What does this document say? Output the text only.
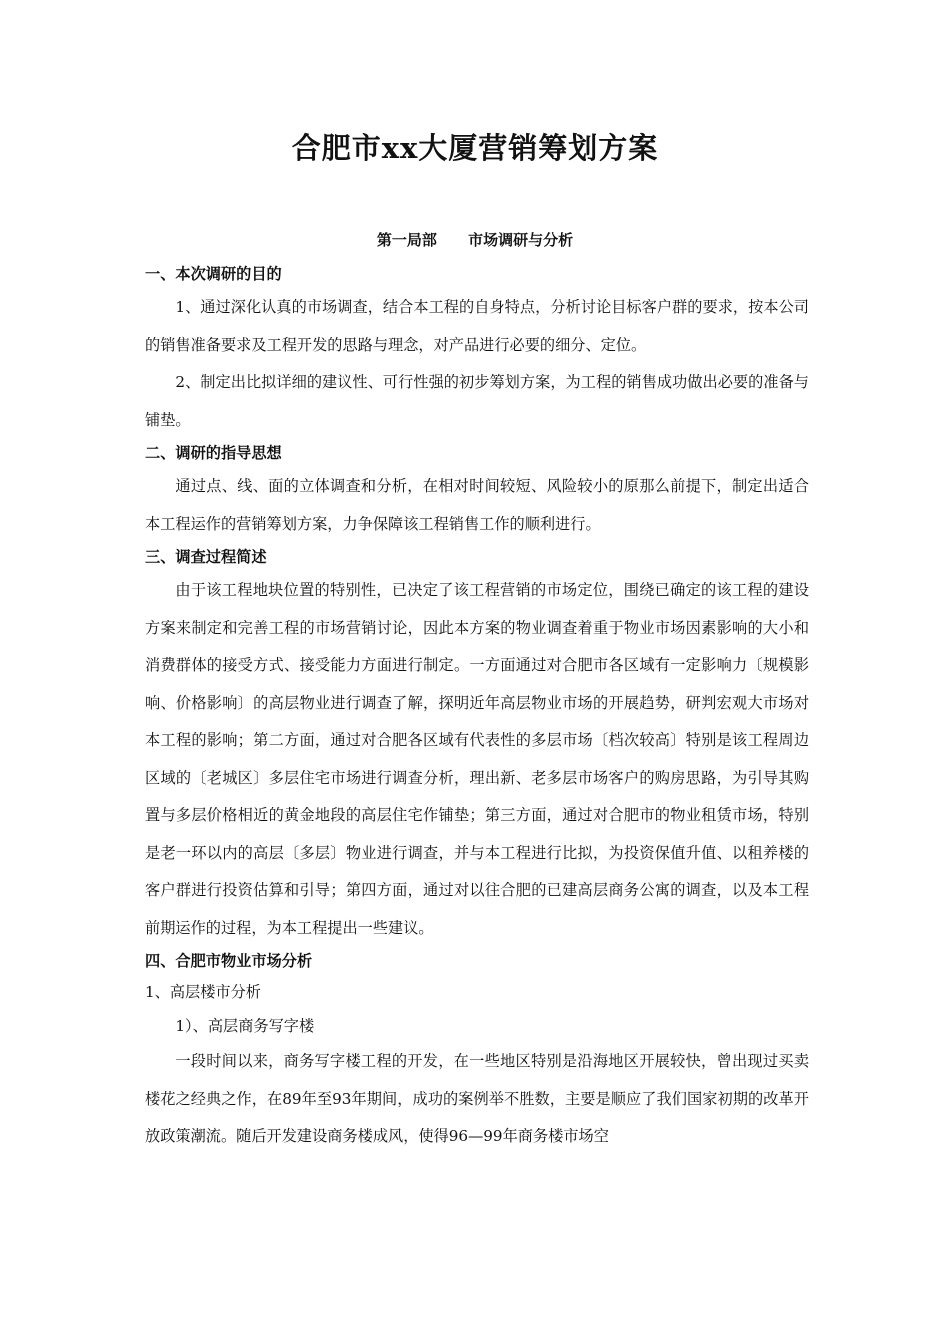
合肥市xx大厦营销筹划方案
第一局部      市场调研与分析
一、本次调研的目的

1、通过深化认真的市场调查，结合本工程的自身特点，分析讨论目标客户群的要求，按本公司的销售准备要求及工程开发的思路与理念，对产品进行必要的细分、定位。

2、制定出比拟详细的建议性、可行性强的初步筹划方案，为工程的销售成功做出必要的准备与铺垫。

二、调研的指导思想

通过点、线、面的立体调查和分析，在相对时间较短、风险较小的原那么前提下，制定出适合本工程运作的营销筹划方案，力争保障该工程销售工作的顺利进行。

三、调查过程简述

由于该工程地块位置的特别性，已决定了该工程营销的市场定位，围绕已确定的该工程的建设方案来制定和完善工程的市场营销讨论，因此本方案的物业调查着重于物业市场因素影响的大小和消费群体的接受方式、接受能力方面进行制定。一方面通过对合肥市各区域有一定影响力〔规模影响、价格影响〕的高层物业进行调查了解，探明近年高层物业市场的开展趋势，研判宏观大市场对本工程的影响；第二方面，通过对合肥各区域有代表性的多层市场〔档次较高〕特别是该工程周边区域的〔老城区〕多层住宅市场进行调查分析，理出新、老多层市场客户的购房思路，为引导其购置与多层价格相近的黄金地段的高层住宅作铺垫；第三方面，通过对合肥市的物业租赁市场，特别是老一环以内的高层〔多层〕物业进行调查，并与本工程进行比拟，为投资保值升值、以租养楼的客户群进行投资估算和引导；第四方面，通过对以往合肥的已建高层商务公寓的调查，以及本工程前期运作的过程，为本工程提出一些建议。

四、合肥市物业市场分析
1、高层楼市分析
1）、高层商务写字楼

一段时间以来，商务写字楼工程的开发，在一些地区特别是沿海地区开展较快，曾出现过买卖楼花之经典之作，在89年至93年期间，成功的案例举不胜数，主要是顺应了我们国家初期的改革开放政策潮流。随后开发建设商务楼成风，使得96—99年商务楼市场空
